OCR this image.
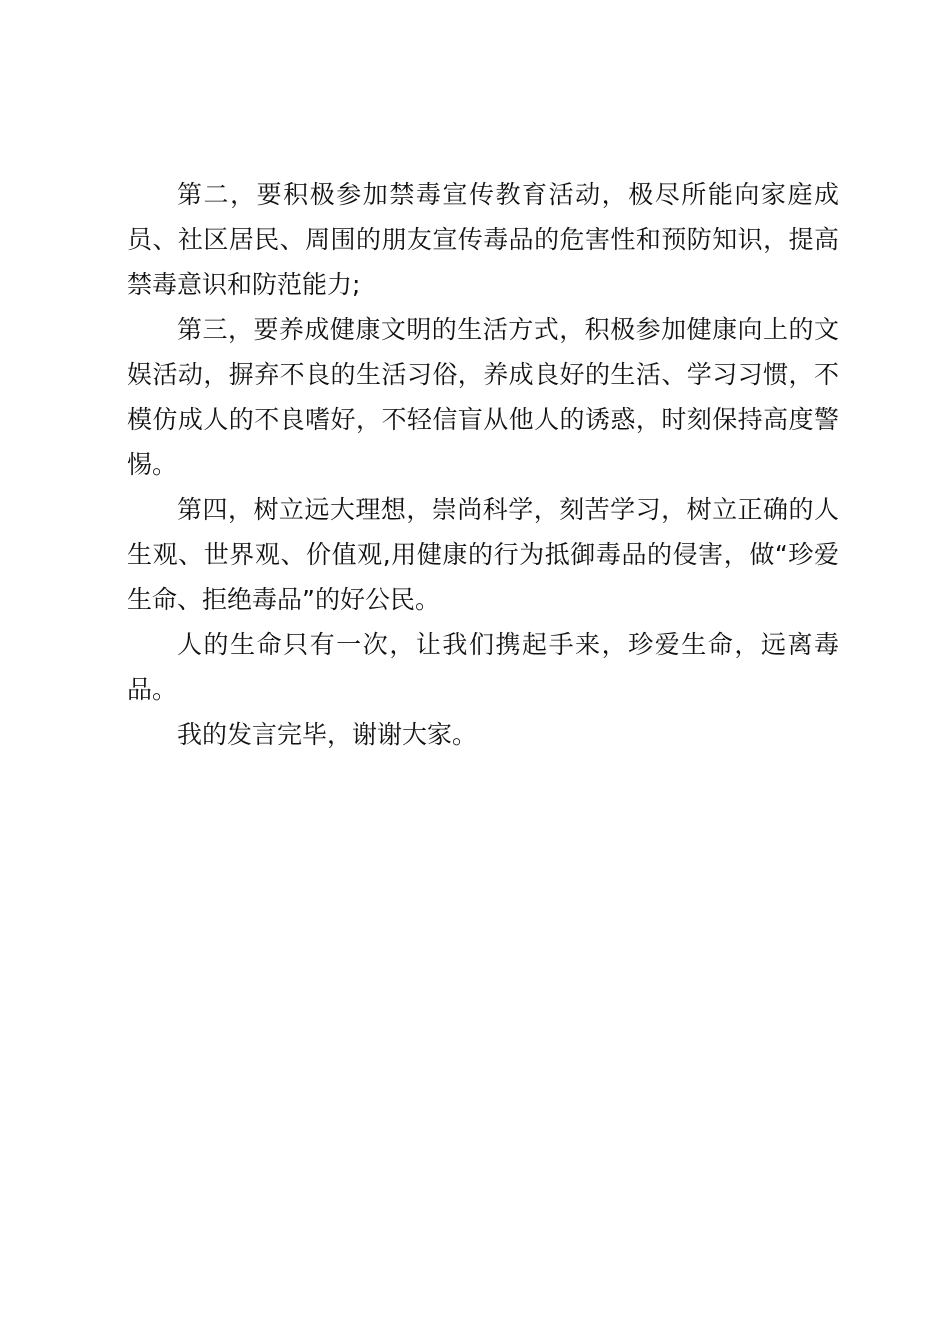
第二，要积极参加禁毒宣传教育活动，极尽所能向家庭成员、社区居民、周围的朋友宣传毒品的危害性和预防知识，提高禁毒意识和防范能力;

第三，要养成健康文明的生活方式，积极参加健康向上的文娱活动，摒弃不良的生活习俗，养成良好的生活、学习习惯，不模仿成人的不良嗜好，不轻信盲从他人的诱惑，时刻保持高度警惕。

第四，树立远大理想，崇尚科学，刻苦学习，树立正确的人生观、世界观、价值观,用健康的行为抵御毒品的侵害，做“珍爱生命、拒绝毒品”的好公民。

人的生命只有一次，让我们携起手来，珍爱生命，远离毒品。

我的发言完毕，谢谢大家。
